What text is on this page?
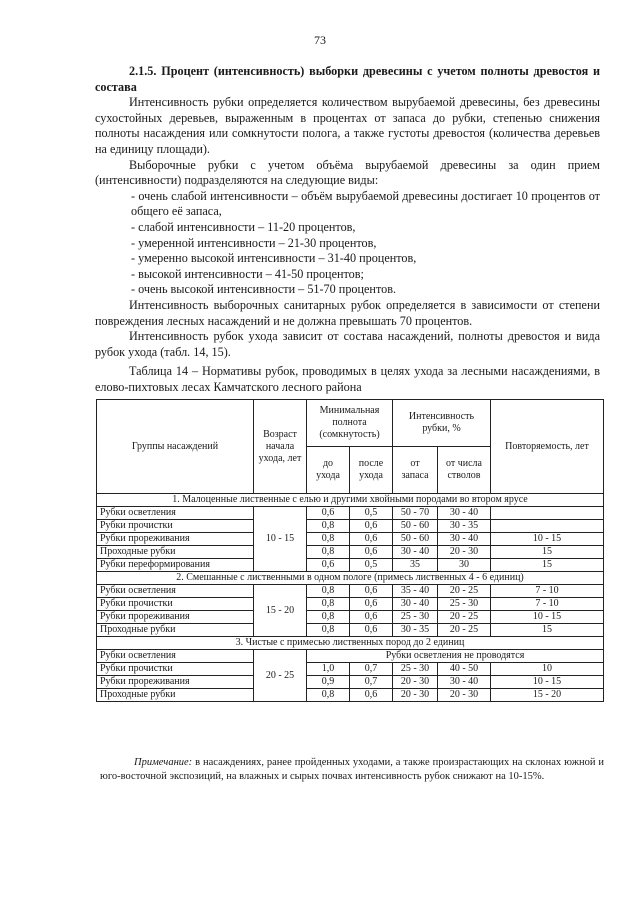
73

2.1.5. Процент (интенсивность) выборки древесины с учетом полноты древостоя и состава

Интенсивность рубки определяется количеством вырубаемой древесины, без древесины сухостойных деревьев, выраженным в процентах от запаса до рубки, степенью снижения полноты насаждения или сомкнутости полога, а также густоты древостоя (количества деревьев на единицу площади).

Выборочные рубки с учетом объёма вырубаемой древесины за один прием (интенсивности) подразделяются на следующие виды:

- очень слабой интенсивности – объём вырубаемой древесины достигает 10 процентов от общего её запаса,

- слабой интенсивности – 11-20 процентов,

- умеренной интенсивности – 21-30 процентов,

- умеренно высокой интенсивности – 31-40 процентов,

- высокой интенсивности – 41-50 процентов;

- очень высокой интенсивности – 51-70 процентов.

Интенсивность выборочных санитарных рубок определяется в зависимости от степени повреждения лесных насаждений и не должна превышать 70 процентов.

Интенсивность рубок ухода зависит от состава насаждений, полноты древостоя и вида рубок ухода (табл. 14, 15).

Таблица 14 – Нормативы рубок, проводимых в целях ухода за лесными насаждениями, в елово-пихтовых лесах Камчатского лесного района

Группы насаждений	Возраст начала ухода, лет	Минимальная полнота (сомкнутость)		Интенсивность рубки, %		Повторяемость, лет
		до ухода	после ухода	от запаса	от числа стволов	
1. Малоценные лиственные с елью и другими хвойными породами во втором ярусе						
Рубки осветления	10 - 15	0,6	0,5	50 - 70	30 - 40	
Рубки прочистки		0,8	0,6	50 - 60	30 - 35	
Рубки прореживания		0,8	0,6	50 - 60	30 - 40	10 - 15
Проходные рубки		0,8	0,6	30 - 40	20 - 30	15
Рубки переформирования		0,6	0,5	35	30	15
2. Смешанные с лиственными в одном пологе (примесь лиственных 4 - 6 единиц)						
Рубки осветления	15 - 20	0,8	0,6	35 - 40	20 - 25	7 - 10
Рубки прочистки		0,8	0,6	30 - 40	25 - 30	7 - 10
Рубки прореживания		0,8	0,6	25 - 30	20 - 25	10 - 15
Проходные рубки		0,8	0,6	30 - 35	20 - 25	15
3. Чистые с примесью лиственных пород до 2 единиц						
Рубки осветления	20 - 25	Рубки осветления не проводятся				
Рубки прочистки		1,0	0,7	25 - 30	40 - 50	10
Рубки прореживания		0,9	0,7	20 - 30	30 - 40	10 - 15
Проходные рубки		0,8	0,6	20 - 30	20 - 30	15 - 20

Примечание: в насаждениях, ранее пройденных уходами, а также произрастающих на склонах южной и юго-восточной экспозиций, на влажных и сырых почвах интенсивность рубок снижают на 10-15%.
